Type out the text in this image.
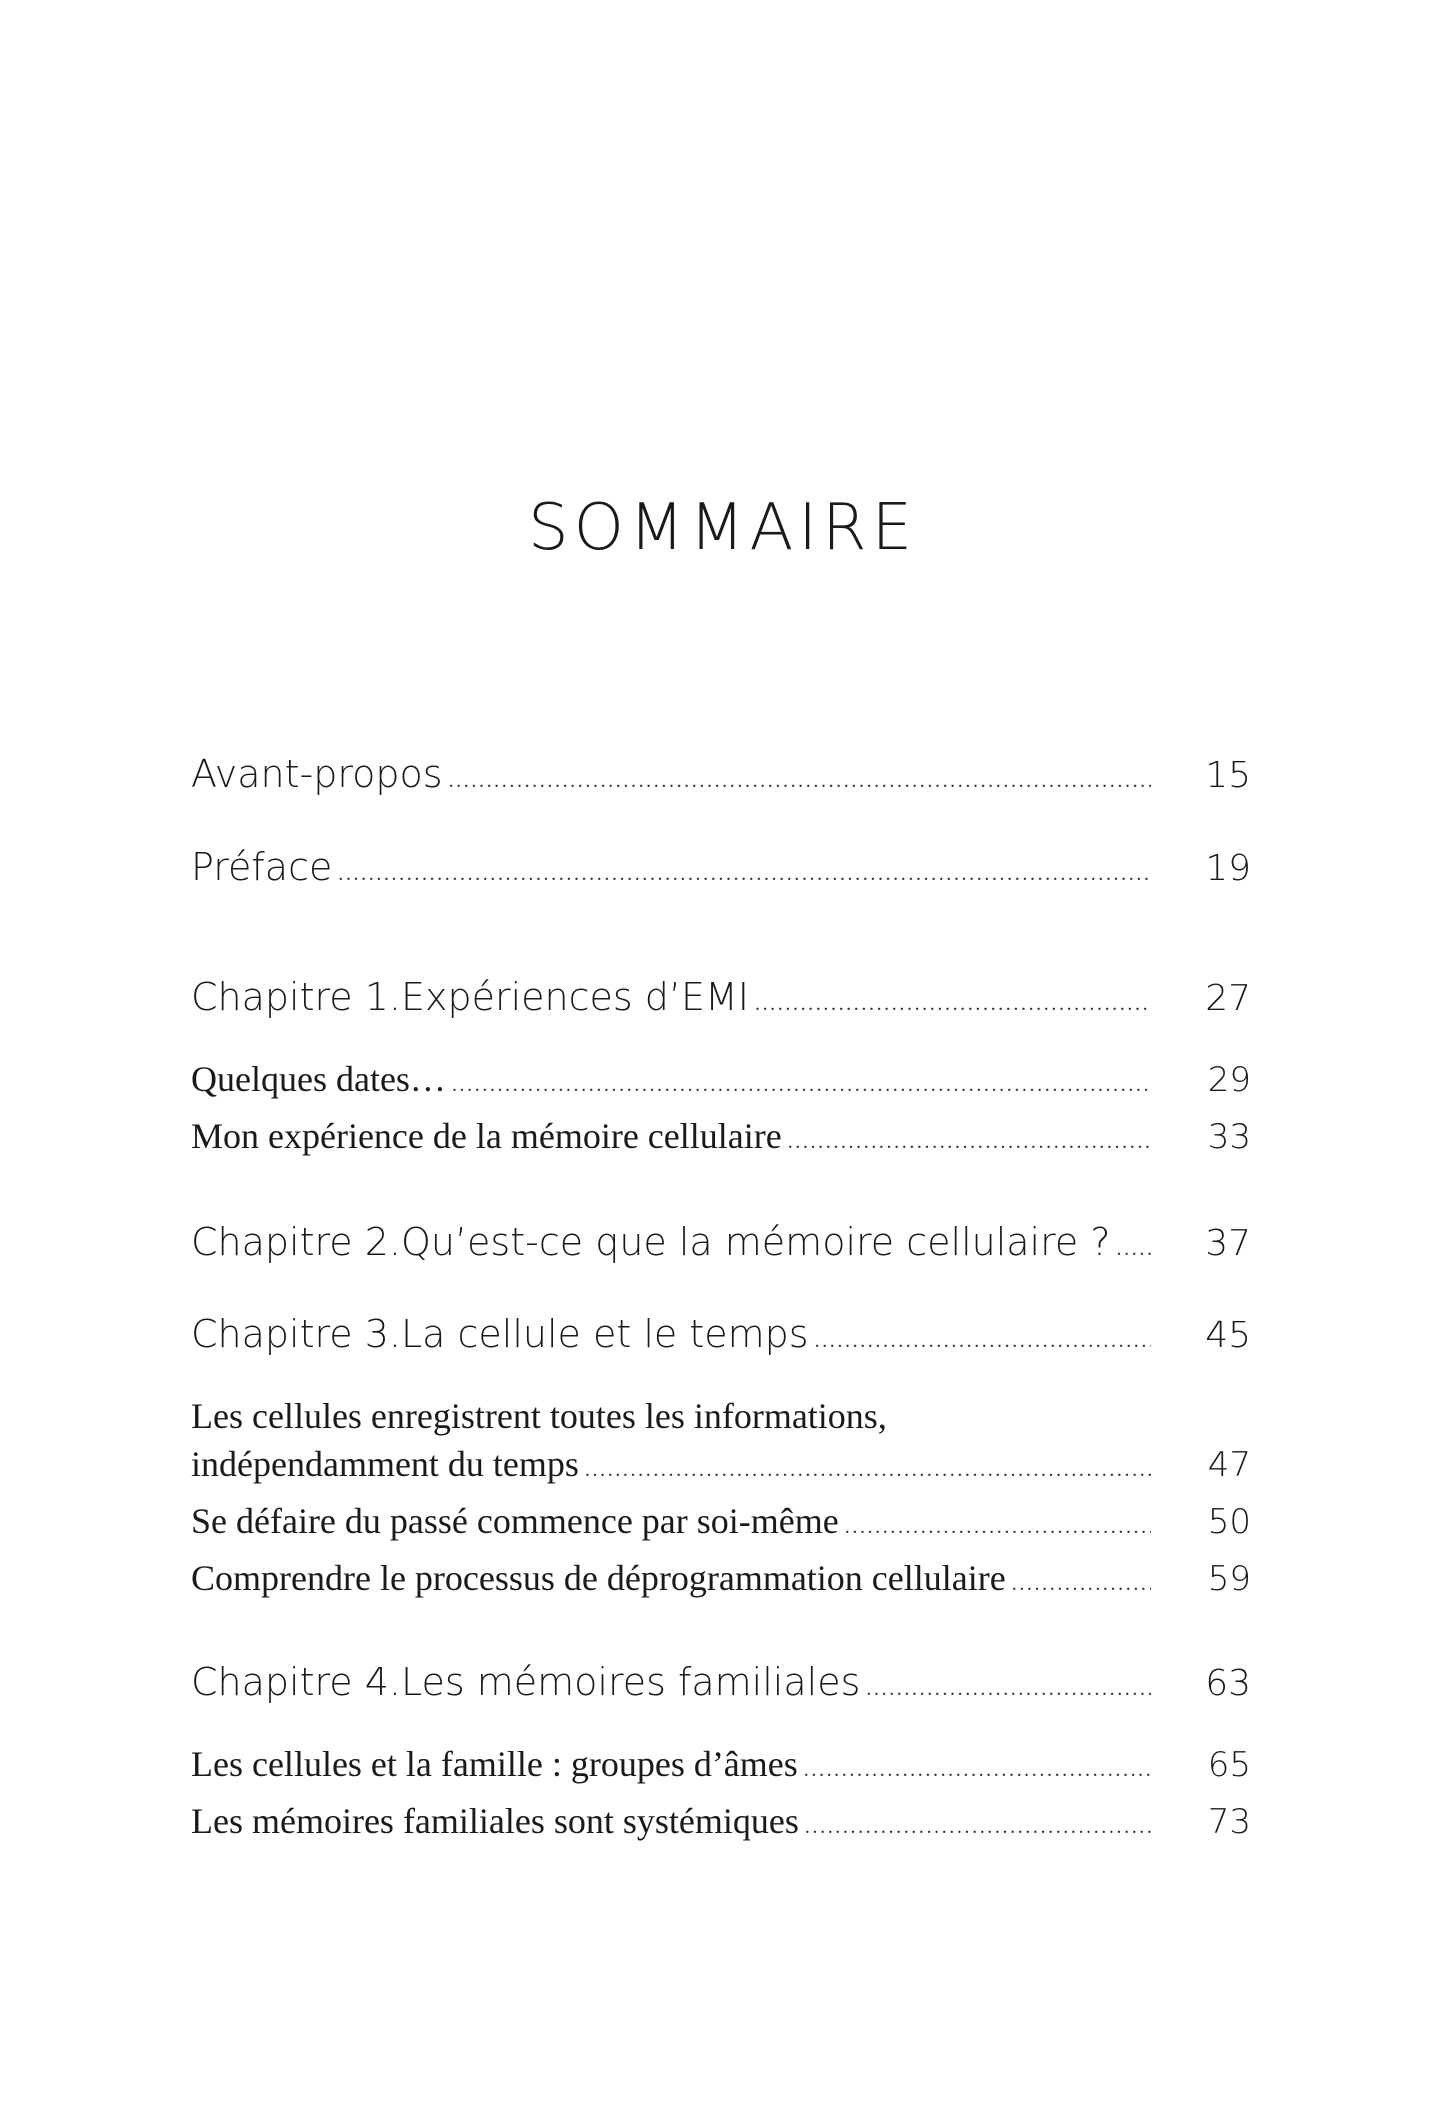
SOMMAIRE
Avant-propos .....	15
Préface .....	19
Chapitre 1. Expériences d’EMI .....	27
Quelques dates… .....	29
Mon expérience de la mémoire cellulaire .....	33
Chapitre 2. Qu’est-ce que la mémoire cellulaire ? .....	37
Chapitre 3. La cellule et le temps .....	45
Les cellules enregistrent toutes les informations,
indépendamment du temps .....	47
Se défaire du passé commence par soi-même .....	50
Comprendre le processus de déprogrammation cellulaire .....	59
Chapitre 4. Les mémoires familiales .....	63
Les cellules et la famille : groupes d’âmes .....	65
Les mémoires familiales sont systémiques .....	73
